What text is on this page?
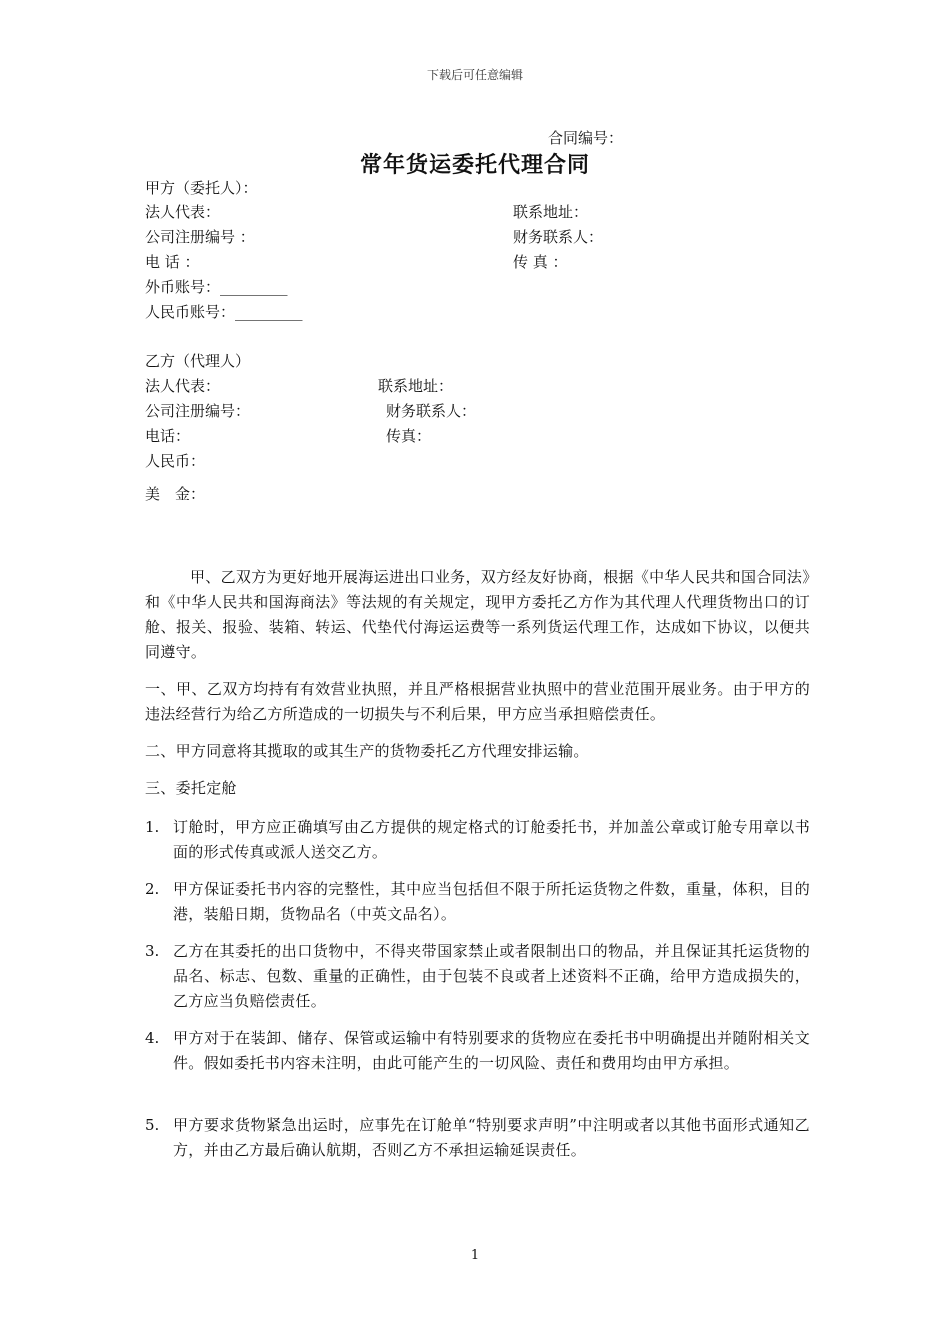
下载后可任意编辑
合同编号：
常年货运委托代理合同
甲方（委托人）：
法人代表：	联系地址：
公司注册编号 ：	财务联系人：
电 话 ：	传 真 ：
外币账号：_________
人民币账号：_________
乙方（代理人）
法人代表：	联系地址：
公司注册编号：	财务联系人：
电话：	传真：
人民币：
美　金：
甲、乙双方为更好地开展海运进出口业务，双方经友好协商，根据《中华人民共和国合同法》和《中华人民共和国海商法》等法规的有关规定，现甲方委托乙方作为其代理人代理货物出口的订舱、报关、报验、装箱、转运、代垫代付海运运费等一系列货运代理工作，达成如下协议，以便共同遵守。
一、甲、乙双方均持有有效营业执照，并且严格根据营业执照中的营业范围开展业务。由于甲方的违法经营行为给乙方所造成的一切损失与不利后果，甲方应当承担赔偿责任。
二、甲方同意将其揽取的或其生产的货物委托乙方代理安排运输。
三、委托定舱
1. 订舱时，甲方应正确填写由乙方提供的规定格式的订舱委托书，并加盖公章或订舱专用章以书面的形式传真或派人送交乙方。
2. 甲方保证委托书内容的完整性，其中应当包括但不限于所托运货物之件数，重量，体积，目的港，装船日期，货物品名（中英文品名）。
3. 乙方在其委托的出口货物中，不得夹带国家禁止或者限制出口的物品，并且保证其托运货物的品名、标志、包数、重量的正确性，由于包装不良或者上述资料不正确，给甲方造成损失的，乙方应当负赔偿责任。
4. 甲方对于在装卸、储存、保管或运输中有特别要求的货物应在委托书中明确提出并随附相关文件。假如委托书内容未注明，由此可能产生的一切风险、责任和费用均由甲方承担。
5. 甲方要求货物紧急出运时，应事先在订舱单“特别要求声明”中注明或者以其他书面形式通知乙方，并由乙方最后确认航期，否则乙方不承担运输延误责任。
1
